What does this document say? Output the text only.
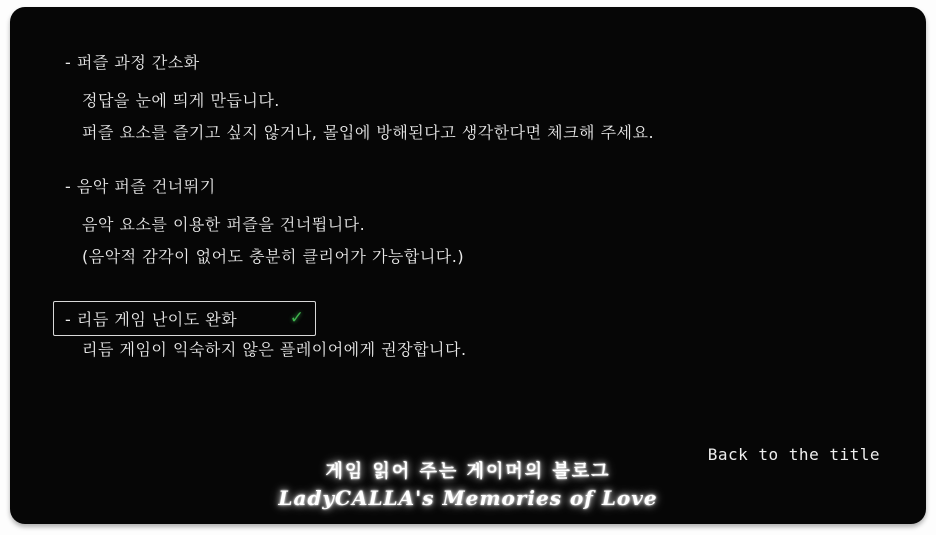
- 퍼즐 과정 간소화
정답을 눈에 띄게 만듭니다.
퍼즐 요소를 즐기고 싶지 않거나, 몰입에 방해된다고 생각한다면 체크해 주세요.
- 음악 퍼즐 건너뛰기
음악 요소를 이용한 퍼즐을 건너뜁니다.
(음악적 감각이 없어도 충분히 클리어가 가능합니다.)
- 리듬 게임 난이도 완화	✓
리듬 게임이 익숙하지 않은 플레이어에게 권장합니다.
Back to the title
게임 읽어 주는 게이머의 블로그
LadyCALLA's Memories of Love
